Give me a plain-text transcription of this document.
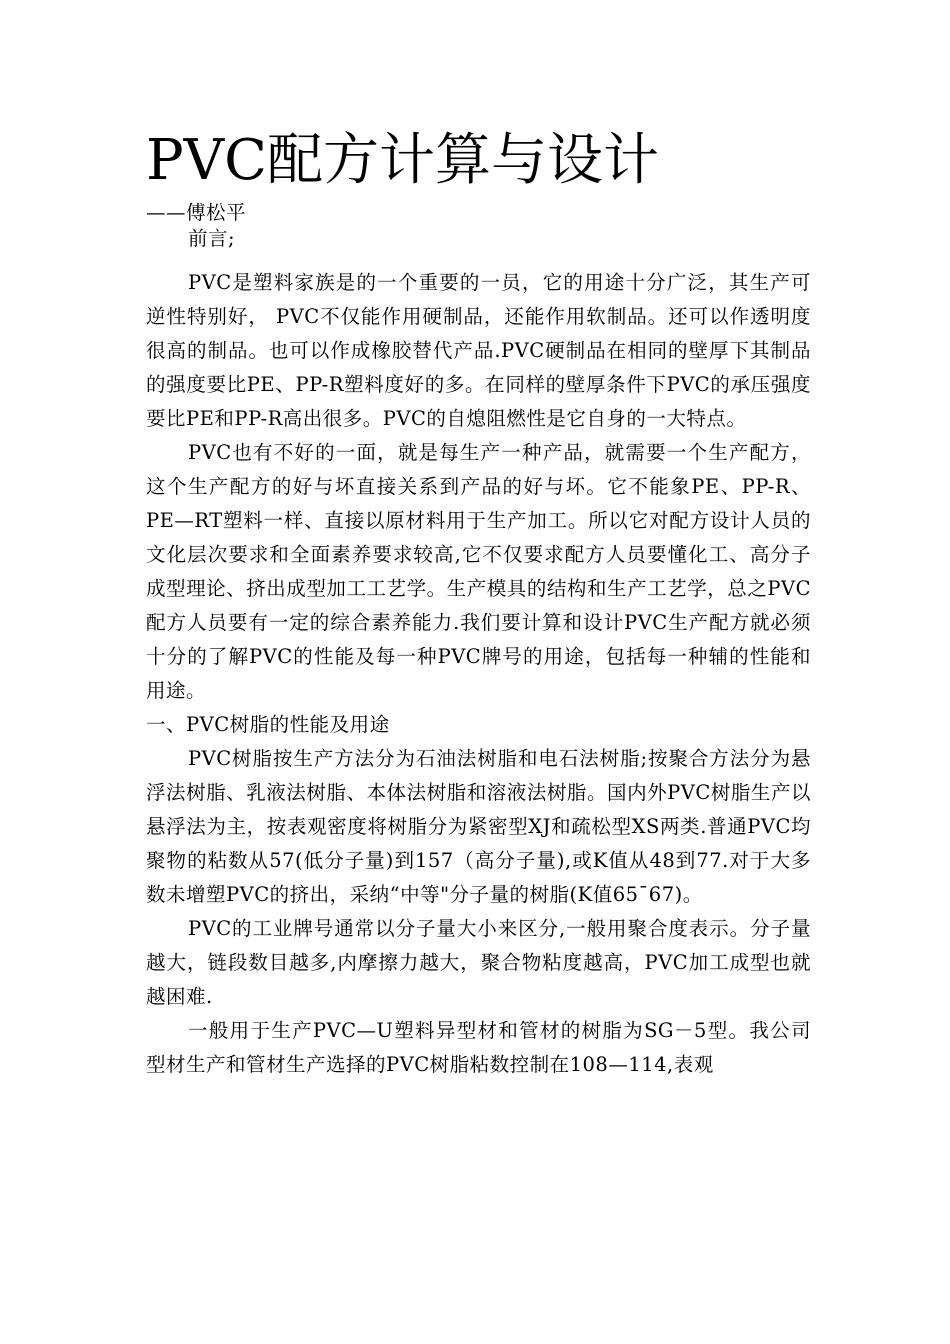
PVC配方计算与设计

——傅松平

前言;

PVC是塑料家族是的一个重要的一员，它的用途十分广泛，其生产可逆性特别好， PVC不仅能作用硬制品，还能作用软制品。还可以作透明度很高的制品。也可以作成橡胶替代产品.PVC硬制品在相同的壁厚下其制品的强度要比PE、PP-R塑料度好的多。在同样的壁厚条件下PVC的承压强度要比PE和PP-R高出很多。PVC的自熄阻燃性是它自身的一大特点。

PVC也有不好的一面，就是每生产一种产品，就需要一个生产配方，这个生产配方的好与坏直接关系到产品的好与坏。它不能象PE、PP-R、PE—RT塑料一样、直接以原材料用于生产加工。所以它对配方设计人员的文化层次要求和全面素养要求较高,它不仅要求配方人员要懂化工、高分子成型理论、挤出成型加工工艺学。生产模具的结构和生产工艺学，总之PVC配方人员要有一定的综合素养能力.我们要计算和设计PVC生产配方就必须十分的了解PVC的性能及每一种PVC牌号的用途，包括每一种辅的性能和用途。

一、PVC树脂的性能及用途

PVC树脂按生产方法分为石油法树脂和电石法树脂;按聚合方法分为悬浮法树脂、乳液法树脂、本体法树脂和溶液法树脂。国内外PVC树脂生产以悬浮法为主，按表观密度将树脂分为紧密型XJ和疏松型XS两类.普通PVC均聚物的粘数从57(低分子量)到157（高分子量),或K值从48到77.对于大多数未增塑PVC的挤出，采纳“中等"分子量的树脂(K值65¯67)。

PVC的工业牌号通常以分子量大小来区分,一般用聚合度表示。分子量越大，链段数目越多,内摩擦力越大，聚合物粘度越高，PVC加工成型也就越困难.

一般用于生产PVC—U塑料异型材和管材的树脂为SG－5型。我公司型材生产和管材生产选择的PVC树脂粘数控制在108—114,表观
